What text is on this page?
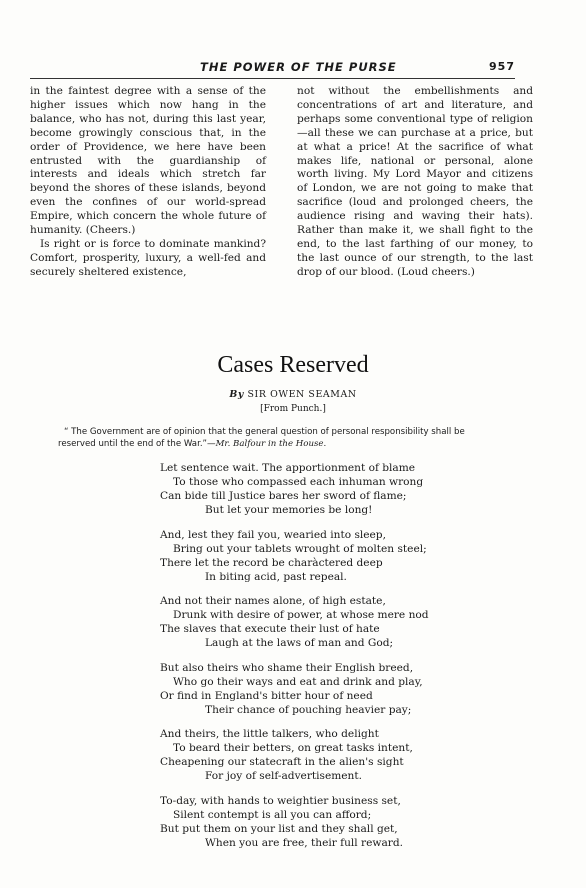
THE POWER OF THE PURSE	957

in the faintest degree with a sense of the higher issues which now hang in the balance, who has not, during this last year, become growingly conscious that, in the order of Providence, we here have been entrusted with the guardianship of interests and ideals which stretch far beyond the shores of these islands, beyond even the confines of our world-spread Empire, which concern the whole future of humanity. (Cheers.)

Is right or is force to dominate mankind? Comfort, prosperity, luxury, a well-fed and securely sheltered existence,

not without the embellishments and concentrations of art and literature, and perhaps some conventional type of religion—all these we can purchase at a price, but at what a price! At the sacrifice of what makes life, national or personal, alone worth living. My Lord Mayor and citizens of London, we are not going to make that sacrifice (loud and prolonged cheers, the audience rising and waving their hats). Rather than make it, we shall fight to the end, to the last farthing of our money, to the last ounce of our strength, to the last drop of our blood. (Loud cheers.)

Cases Reserved
By SIR OWEN SEAMAN
[From Punch.]
“ The Government are of opinion that the general question of personal responsibility shall be reserved until the end of the War.”—Mr. Balfour in the House.
Let sentence wait. The apportionment of blame
To those who compassed each inhuman wrong
Can bide till Justice bares her sword of flame;
But let your memories be long!
And, lest they fail you, wearied into sleep,
Bring out your tablets wrought of molten steel;
There let the record be charàctered deep
In biting acid, past repeal.
And not their names alone, of high estate,
Drunk with desire of power, at whose mere nod
The slaves that execute their lust of hate
Laugh at the laws of man and God;
But also theirs who shame their English breed,
Who go their ways and eat and drink and play,
Or find in England's bitter hour of need
Their chance of pouching heavier pay;
And theirs, the little talkers, who delight
To beard their betters, on great tasks intent,
Cheapening our statecraft in the alien's sight
For joy of self-advertisement.
To-day, with hands to weightier business set,
Silent contempt is all you can afford;
But put them on your list and they shall get,
When you are free, their full reward.
